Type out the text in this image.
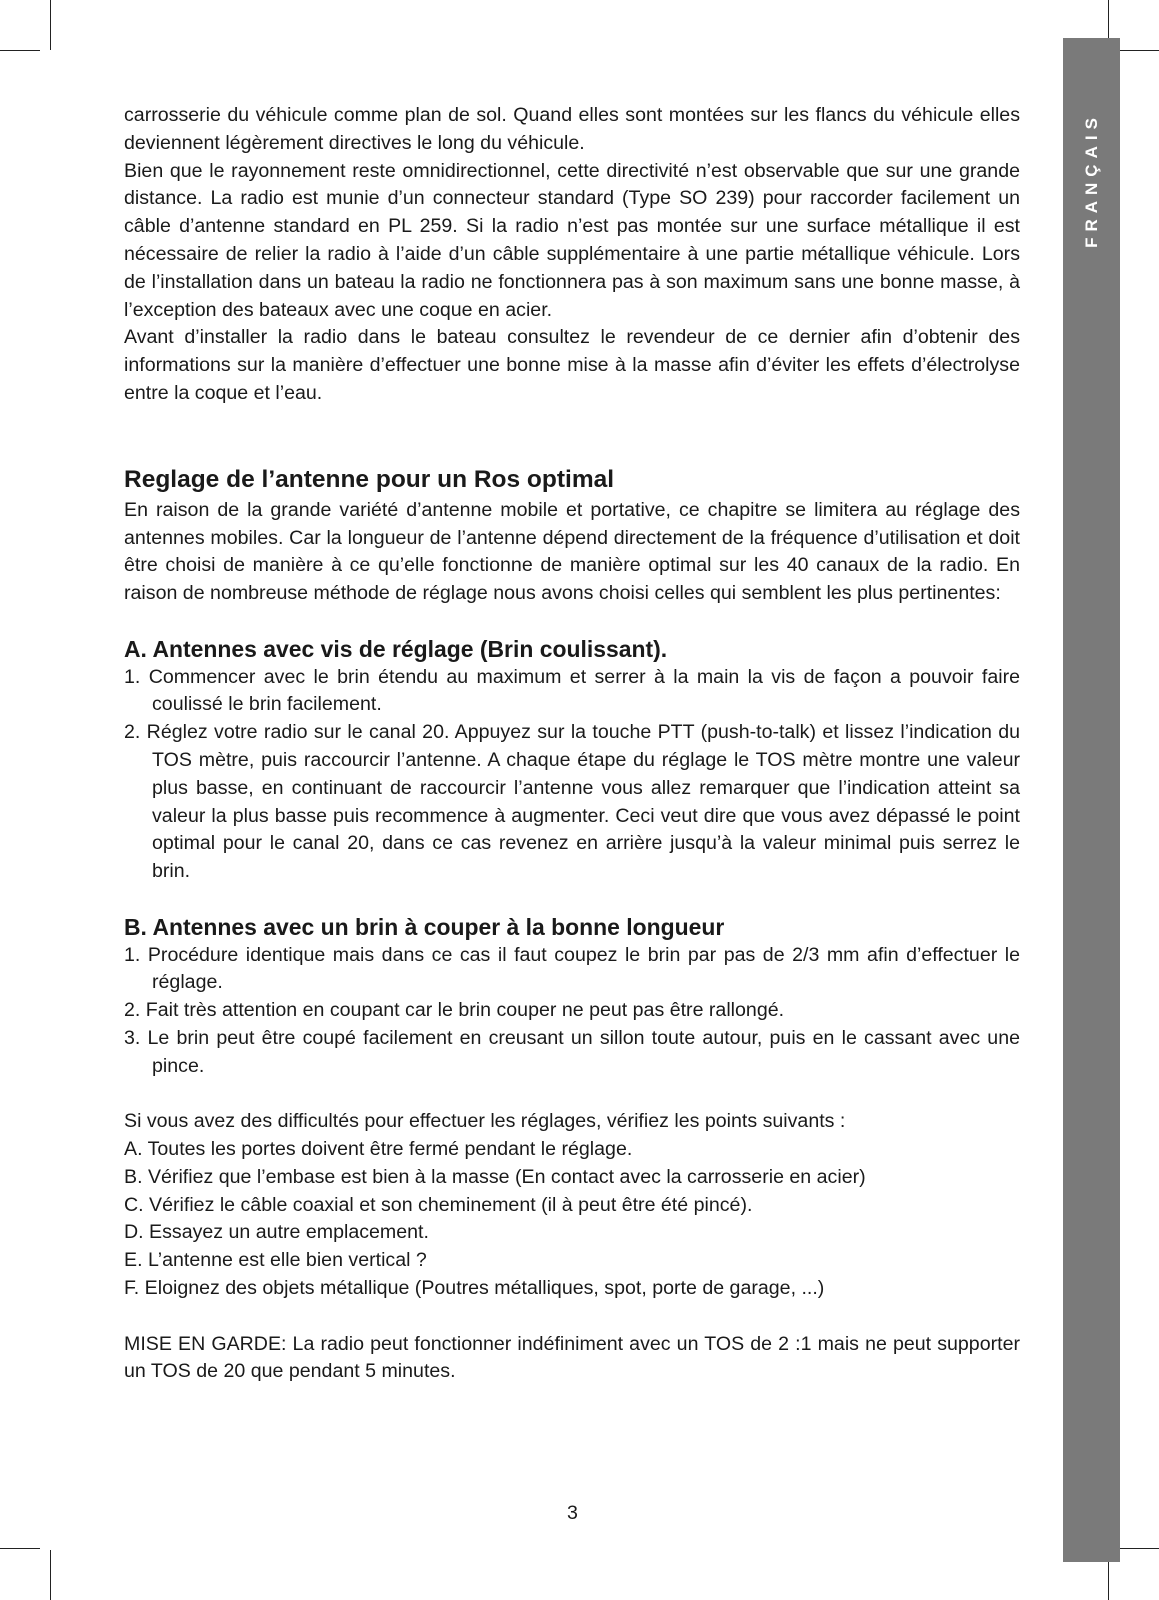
FRANÇAIS

carrosserie du véhicule comme plan de sol. Quand elles sont montées sur les flancs du véhicule elles deviennent légèrement directives le long du véhicule.

Bien que le rayonnement reste omnidirectionnel, cette directivité n’est observable que sur une grande distance. La radio est munie d’un connecteur standard (Type SO 239) pour raccorder facilement un câble d’antenne standard en PL 259. Si la radio n’est pas montée sur une surface métallique il est nécessaire de relier la radio à l’aide d’un câble supplémentaire à une partie métallique véhicule. Lors de l’installation dans un bateau la radio ne fonctionnera pas à son maximum sans une bonne masse, à l’exception des bateaux avec une coque en acier.

Avant d’installer la radio dans le bateau consultez le revendeur de ce dernier afin d’obtenir des informations sur la manière d’effectuer une bonne mise à la masse afin d’éviter les effets d’électrolyse entre la coque et l’eau.

Reglage de l’antenne pour un Ros optimal

En raison de la grande variété d’antenne mobile et portative, ce chapitre se limitera au réglage des antennes mobiles. Car la longueur de l’antenne dépend directement de la fréquence d’utilisation et doit être choisi de manière à ce qu’elle fonctionne de manière optimal sur les 40 canaux de la radio. En raison de nombreuse méthode de réglage nous avons choisi celles qui semblent les plus pertinentes:

A. Antennes avec vis de réglage (Brin coulissant).

1. Commencer avec le brin étendu au maximum et serrer à la main la vis de façon a pouvoir faire coulissé le brin facilement.

2. Réglez votre radio sur le canal 20. Appuyez sur la touche PTT (push-to-talk) et lissez l’indication du TOS mètre, puis raccourcir l’antenne. A chaque étape du réglage le TOS mètre montre une valeur plus basse, en continuant de raccourcir l’antenne vous allez remarquer que l’indication atteint sa valeur la plus basse puis recommence à augmenter. Ceci veut dire que vous avez dépassé le point optimal pour le canal 20, dans ce cas revenez en arrière jusqu’à la valeur minimal puis serrez le brin.

B. Antennes avec un brin à couper à la bonne longueur

1. Procédure identique mais dans ce cas il faut coupez le brin par pas de 2/3 mm afin d’effectuer le réglage.

2. Fait très attention en coupant car le brin couper ne peut pas être rallongé.

3. Le brin peut être coupé facilement en creusant un sillon toute autour, puis en le cassant avec une pince.

Si vous avez des difficultés pour effectuer les réglages, vérifiez les points suivants :

A. Toutes les portes doivent être fermé pendant le réglage.
B. Vérifiez que l’embase est bien à la masse (En contact avec la carrosserie en acier)
C. Vérifiez le câble coaxial et son cheminement (il à peut être été pincé).
D. Essayez un autre emplacement.
E. L’antenne est elle bien vertical ?
F. Eloignez des objets métallique (Poutres métalliques, spot, porte de garage, ...)

MISE EN GARDE: La radio peut fonctionner indéfiniment avec un TOS de 2 :1 mais ne peut supporter un TOS de 20 que pendant 5 minutes.

3
